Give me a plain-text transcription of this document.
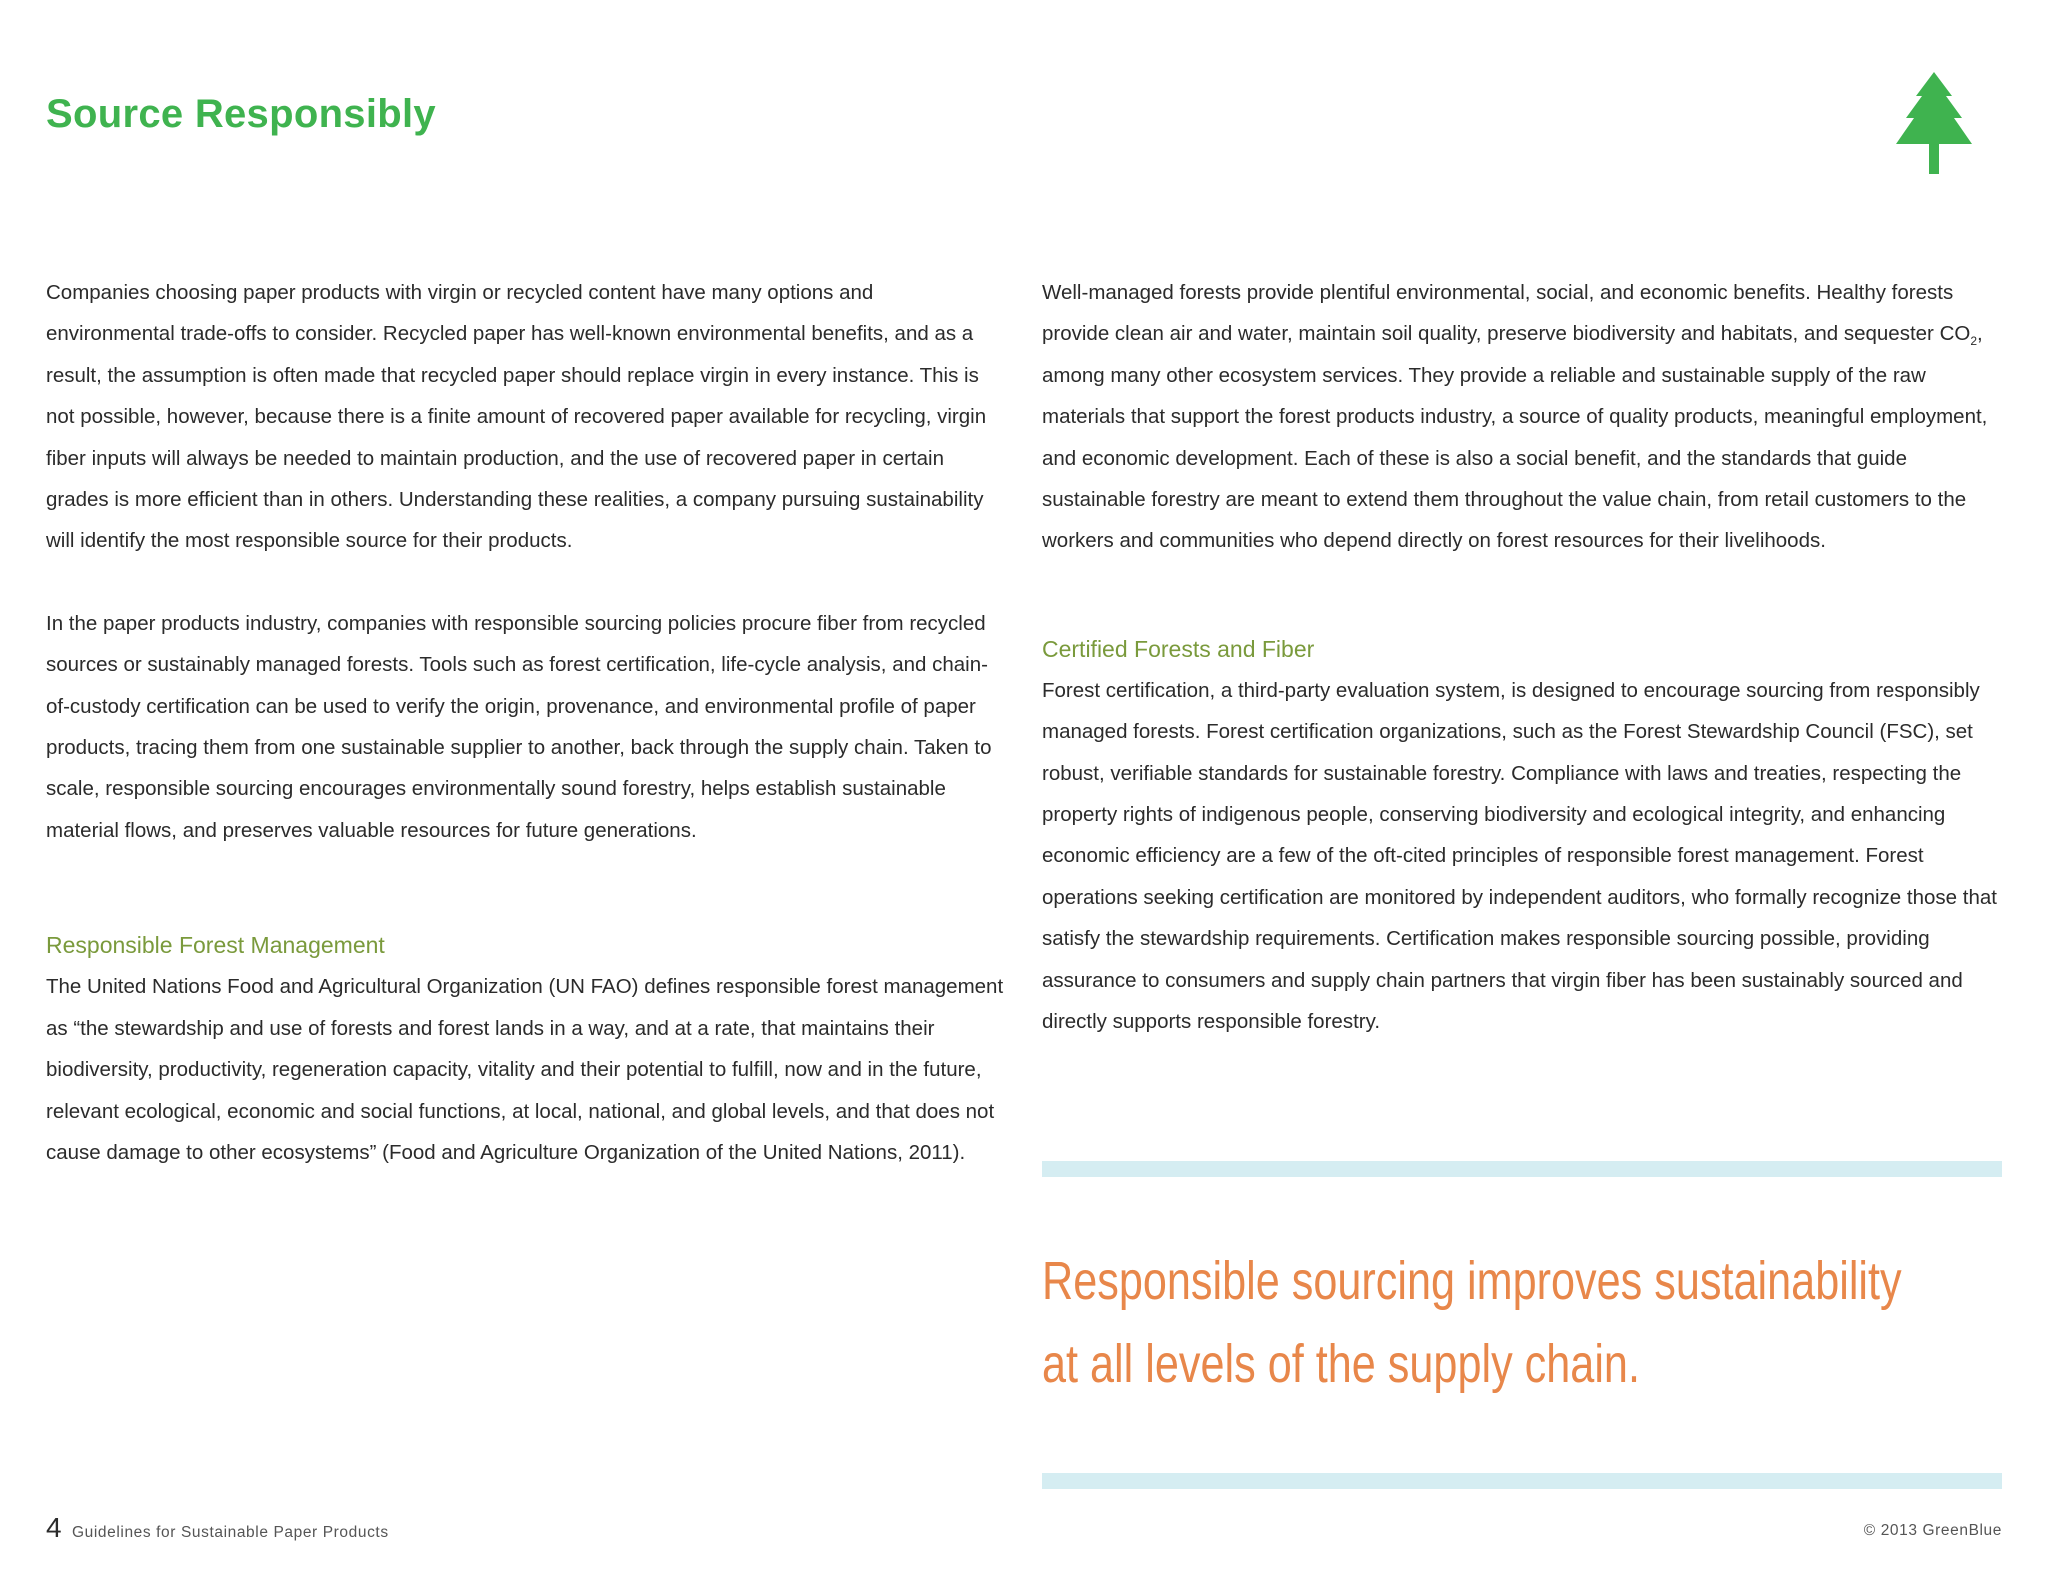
Source Responsibly

Companies choosing paper products with virgin or recycled content have many options and environmental trade-offs to consider. Recycled paper has well-known environmental benefits, and as a result, the assumption is often made that recycled paper should replace virgin in every instance. This is not possible, however, because there is a finite amount of recovered paper available for recycling, virgin fiber inputs will always be needed to maintain production, and the use of recovered paper in certain grades is more efficient than in others. Understanding these realities, a company pursuing sustainability will identify the most responsible source for their products.

In the paper products industry, companies with responsible sourcing policies procure fiber from recycled sources or sustainably managed forests. Tools such as forest certification, life-cycle analysis, and chain-of-custody certification can be used to verify the origin, provenance, and environmental profile of paper products, tracing them from one sustainable supplier to another, back through the supply chain. Taken to scale, responsible sourcing encourages environmentally sound forestry, helps establish sustainable material flows, and preserves valuable resources for future generations.

Responsible Forest Management

The United Nations Food and Agricultural Organization (UN FAO) defines responsible forest management as “the stewardship and use of forests and forest lands in a way, and at a rate, that maintains their biodiversity, productivity, regeneration capacity, vitality and their potential to fulfill, now and in the future, relevant ecological, economic and social functions, at local, national, and global levels, and that does not cause damage to other ecosystems” (Food and Agriculture Organization of the United Nations, 2011).

Well-managed forests provide plentiful environmental, social, and economic benefits. Healthy forests provide clean air and water, maintain soil quality, preserve biodiversity and habitats, and sequester $CO_2$, among many other ecosystem services. They provide a reliable and sustainable supply of the raw materials that support the forest products industry, a source of quality products, meaningful employment, and economic development. Each of these is also a social benefit, and the standards that guide sustainable forestry are meant to extend them throughout the value chain, from retail customers to the workers and communities who depend directly on forest resources for their livelihoods.

Certified Forests and Fiber

Forest certification, a third-party evaluation system, is designed to encourage sourcing from responsibly managed forests. Forest certification organizations, such as the Forest Stewardship Council (FSC), set robust, verifiable standards for sustainable forestry. Compliance with laws and treaties, respecting the property rights of indigenous people, conserving biodiversity and ecological integrity, and enhancing economic efficiency are a few of the oft-cited principles of responsible forest management. Forest operations seeking certification are monitored by independent auditors, who formally recognize those that satisfy the stewardship requirements. Certification makes responsible sourcing possible, providing assurance to consumers and supply chain partners that virgin fiber has been sustainably sourced and directly supports responsible forestry.

Responsible sourcing improves sustainability
at all levels of the supply chain.

4 Guidelines for Sustainable Paper Products	© 2013 GreenBlue
